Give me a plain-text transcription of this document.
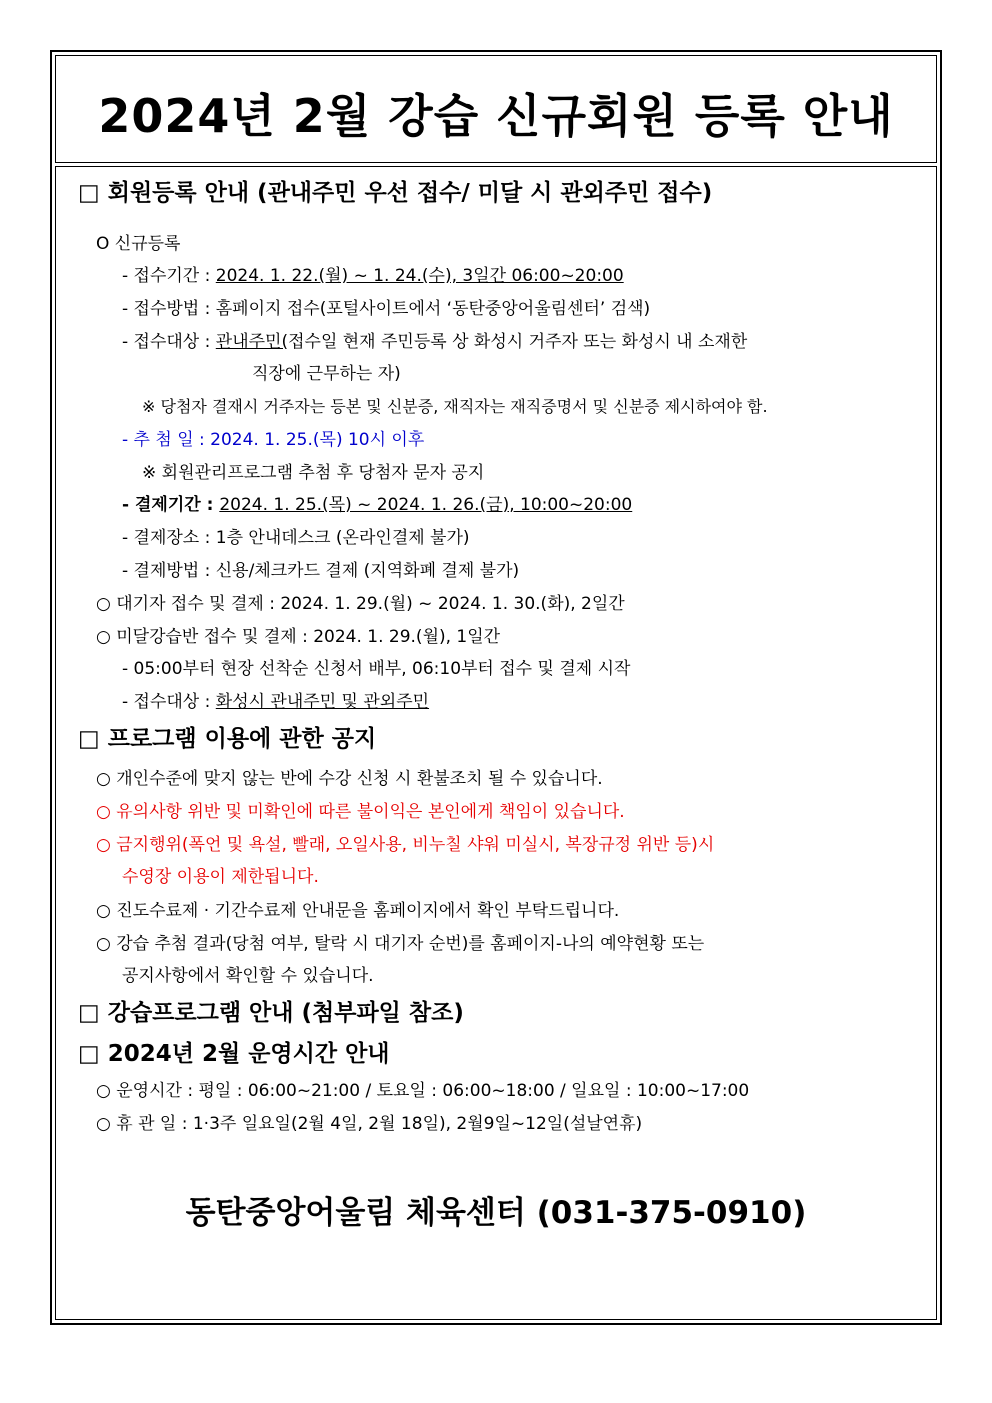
2024년 2월 강습 신규회원 등록 안내
□ 회원등록 안내 (관내주민 우선 접수/ 미달 시 관외주민 접수)
O 신규등록
- 접수기간 : 2024. 1. 22.(월) ~ 1. 24.(수), 3일간 06:00~20:00
- 접수방법 : 홈페이지 접수(포털사이트에서 ‘동탄중앙어울림센터’ 검색)
- 접수대상 : 관내주민(접수일 현재 주민등록 상 화성시 거주자 또는 화성시 내 소재한
직장에 근무하는 자)
※ 당첨자 결재시 거주자는 등본 및 신분증, 재직자는 재직증명서 및 신분증 제시하여야 함.
- 추 첨 일 : 2024. 1. 25.(목) 10시 이후
※ 회원관리프로그램 추첨 후 당첨자 문자 공지
- 결제기간 : 2024. 1. 25.(목) ~ 2024. 1. 26.(금), 10:00~20:00
- 결제장소 : 1층 안내데스크 (온라인결제 불가)
- 결제방법 : 신용/체크카드 결제 (지역화폐 결제 불가)
○ 대기자 접수 및 결제 : 2024. 1. 29.(월) ~ 2024. 1. 30.(화), 2일간
○ 미달강습반 접수 및 결제 : 2024. 1. 29.(월), 1일간
- 05:00부터 현장 선착순 신청서 배부, 06:10부터 접수 및 결제 시작
- 접수대상 : 화성시 관내주민 및 관외주민
□ 프로그램 이용에 관한 공지
○ 개인수준에 맞지 않는 반에 수강 신청 시 환불조치 될 수 있습니다.
○ 유의사항 위반 및 미확인에 따른 불이익은 본인에게 책임이 있습니다.
○ 금지행위(폭언 및 욕설, 빨래, 오일사용, 비누칠 샤워 미실시, 복장규정 위반 등)시
수영장 이용이 제한됩니다.
○ 진도수료제 · 기간수료제 안내문을 홈페이지에서 확인 부탁드립니다.
○ 강습 추첨 결과(당첨 여부, 탈락 시 대기자 순번)를 홈페이지-나의 예약현황 또는
공지사항에서 확인할 수 있습니다.
□ 강습프로그램 안내 (첨부파일 참조)
□ 2024년 2월 운영시간 안내
○ 운영시간 : 평일 : 06:00~21:00 / 토요일 : 06:00~18:00 / 일요일 : 10:00~17:00
○ 휴 관 일 : 1·3주 일요일(2월 4일, 2월 18일), 2월9일~12일(설날연휴)
동탄중앙어울림 체육센터 (031-375-0910)
